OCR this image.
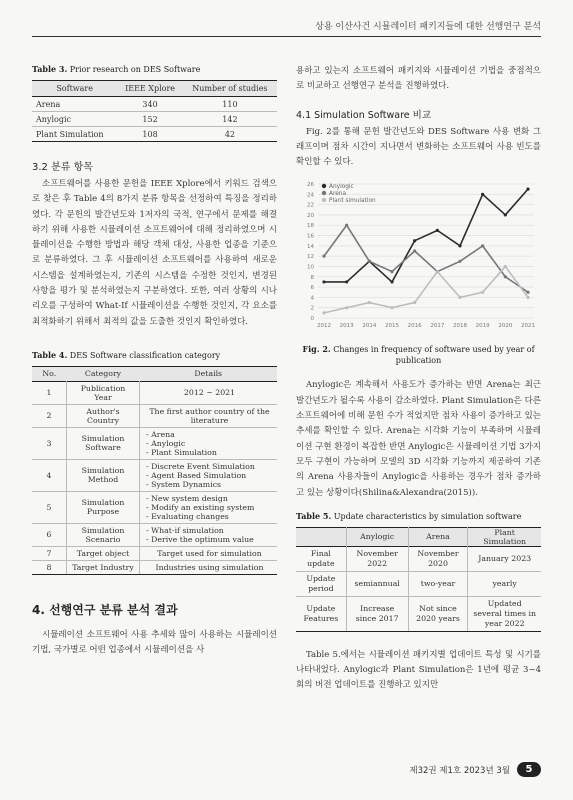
상용 이산사건 시뮬레이터 패키지들에 대한 선행연구 분석
Table 3. Prior research on DES Software
Software	IEEE Xplore	Number of studies
Arena	340	110
Anylogic	152	142
Plant Simulation	108	42
3.2 분류 항목

소프트웨어를 사용한 문헌을 IEEE Xplore에서 키워드 검색으로 찾은 후 Table 4의 8가지 분류 항목을 선정하여 특징을 정리하였다. 각 문헌의 발간년도와 1저자의 국적, 연구에서 문제를 해결하기 위해 사용한 시뮬레이션 소프트웨어에 대해 정리하였으며 시뮬레이션을 수행한 방법과 해당 객체 대상, 사용한 업종을 기준으로 분류하였다. 그 후 시뮬레이션 소프트웨어를 사용하여 새로운 시스템을 설계하였는지, 기존의 시스템을 수정한 것인지, 변경된 사항을 평가 및 분석하였는지 구분하였다. 또한, 여러 상황의 시나리오를 구성하여 What-If 시뮬레이션을 수행한 것인지, 각 요소를 최적화하기 위해서 최적의 값을 도출한 것인지 확인하였다.

Table 4. DES Software classification category
No.	Category	Details
1	Publication Year	2012 ~ 2021

2	Author's Country	The first author country of the literature

3	Simulation Software	- Arena
- Anylogic
- Plant Simulation

4	Simulation Method	- Discrete Event Simulation
- Agent Based Simulation
- System Dynamics

5	Simulation Purpose	- New system design
- Modify an existing system
- Evaluating changes

6	Simulation Scenario	- What-if simulation
- Derive the optimum value

7	Target object	Target used for simulation

8	Target Industry	Industries using simulation
4. 선행연구 분류 분석 결과

시뮬레이션 소프트웨어 사용 추세와 많이 사용하는 시뮬레이션 기법, 국가별로 어떤 업종에서 시뮬레이션을 사

용하고 있는지 소프트웨어 패키지와 시뮬레이션 기법을 중점적으로 비교하고 선행연구 분석을 진행하였다.

4.1 Simulation Software 비교

Fig. 2를 통해 문헌 발간년도와 DES Software 사용 변화 그래프이며 점차 시간이 지나면서 변화하는 소프트웨어 사용 빈도를 확인할 수 있다.

0
2
4
6
8
10
12
14
16
18
20
22
24
26
2012 2013 2014 2015 2016 2017 2018 2019 2020 2021
Anylogic
Arena
Plant simulation
Fig. 2. Changes in frequency of software used by year of publication

Anylogic은 계속해서 사용도가 증가하는 반면 Arena는 최근 발간년도가 될수록 사용이 감소하였다. Plant Simulation은 다른 소프트웨어에 비해 문헌 수가 적었지만 점차 사용이 증가하고 있는 추세를 확인할 수 있다. Arena는 시각화 기능이 부족하며 시뮬레이션 구현 환경이 복잡한 반면 Anylogic은 시뮬레이션 기법 3가지 모두 구현이 가능하며 모델의 3D 시각화 기능까지 제공하여 기존의 Arena 사용자들이 Anylogic을 사용하는 경우가 점차 증가하고 있는 상황이다(Shilina&Alexandra(2015)).

Table 5. Update characteristics by simulation software
	Anylogic	Arena	Plant Simulation
Final update	November 2022	November 2020	January 2023
Update period	semiannual	two-year	yearly
Update Features	Increase since 2017	Not since 2020 years	Updated several times in year 2022

Table 5.에서는 시뮬레이션 패키지별 업데이트 특성 및 시기를 나타내었다. Anylogic과 Plant Simulation은 1년에 평균 3~4회의 버전 업데이트를 진행하고 있지만

제32권 제1호 2023년 3월	5
